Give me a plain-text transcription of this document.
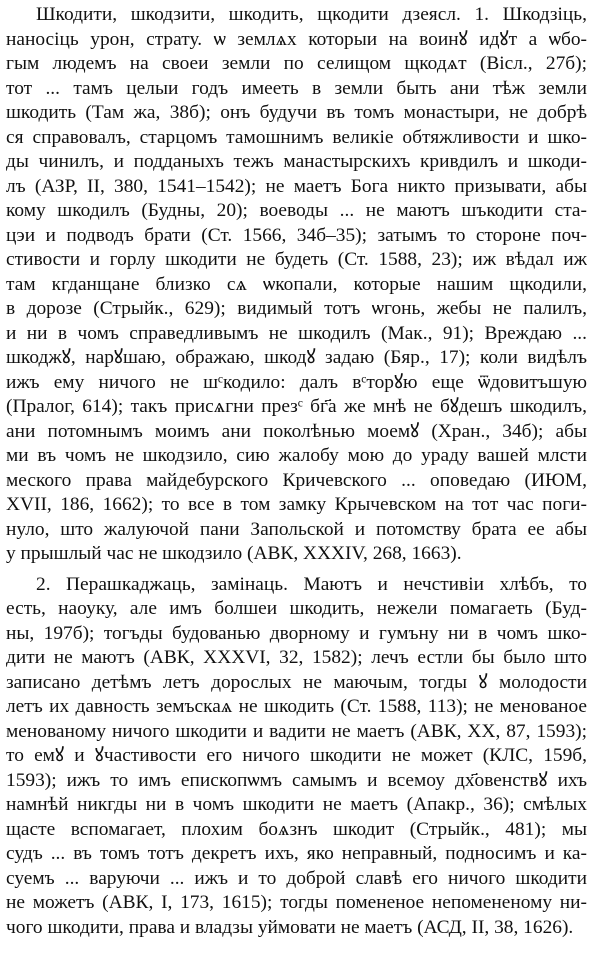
Шкодити, шкодзити, шкодить, щкодити дзеясл. 1. Шкодзіць,
наносіць урон, страту. ѡ землѧх которыи на воинꙋ идꙋт а ѡбо-
гым людемъ на своеи земли по селищом щкодѧт (Віcл., 27б);
тот ... тамъ целыи годъ имееть в земли быть ани тѣж земли
шкодить (Там жа, 38б); онъ будучи въ томъ монастыри, не добрѣ
ся справовалъ, старцомъ тамошнимъ великіе обтяжливости и шко-
ды чинилъ, и подданыхъ тежъ манастырскихъ кривдилъ и шкоди-
лъ (АЗР, II, 380, 1541–1542); не маетъ Бога никто призывати, абы
кому шкодилъ (Будны, 20); воеводы ... не маютъ шъкодити ста-
цэи и подводъ брати (Ст. 1566, 34б–35); затымъ то стороне поч-
стивости и горлу шкодити не будеть (Ст. 1588, 23); иж вѣдал иж
там кгданщане близко сѧ ѡкопали, которые нашим щкодили,
в дорозе (Стрыйк., 629); видимый тотъ ѡгонь, жебы не палилъ,
и ни в чомъ справедливымъ не шкодилъ (Мак., 91); Вреждаю ...
шкоджꙋ, нарꙋшаю, ображаю, шкодꙋ задаю (Бяр., 17); коли видѣлъ
ижъ ему ничого не шᶜкодило: далъ вᶜторꙋю еще ѿдовитъшую
(Пралог, 614); такъ присѧгни презᶜ бг҃а же мнѣ не бꙋдешъ шкодилъ,
ани потомнымъ моимъ ани поколѣнью моемꙋ (Хран., 34б); абы
ми въ чомъ не шкодзило, сию жалобу мою до ураду вашей млсти
меского права майдебурского Кричевского ... оповедаю (ИЮМ,
XVII, 186, 1662); то все в том замку Крычевском на тот час поги-
нуло, што жалуючой пани Запольской и потомству брата ее абы
у прышлый час не шкодзило (АВК, XXXIV, 268, 1663).
2. Перашкаджаць, замінаць. Маютъ и нечстивіи хлѣбъ, то
есть, наоуку, але имъ болшеи шкодить, нежели помагаеть (Буд-
ны, 197б); тогъды будованью дворному и гумъну ни в чомъ шко-
дити не маютъ (АВК, XXXVI, 32, 1582); лечъ естли бы было што
записано детѣмъ летъ дорослых не маючым, тогды ꙋ молодости
летъ их давность земъскаѧ не шкодить (Ст. 1588, 113); не менованое
менованому ничого шкодити и вадити не маетъ (АВК, XX, 87, 1593);
то емꙋ и ꙋчастивости его ничого шкодити не может (КЛС, 159б,
1593); ижъ то имъ епископѡмъ самымъ и всемоу дх҃овенствꙋ ихъ
намнѣй никгды ни в чомъ шкодити не маетъ (Апакр., 36); смѣлых
щасте вспомагает, плохим боѧзнъ шкодит (Стрыйк., 481); мы
судъ ... въ томъ тотъ декретъ ихъ, яко неправный, подносимъ и ка-
суемъ ... варуючи ... ижъ и то доброй славѣ его ничого шкодити
не можетъ (АВК, I, 173, 1615); тогды помененое непомененому ни-
чого шкодити, права и владзы уймовати не маетъ (АСД, II, 38, 1626).
